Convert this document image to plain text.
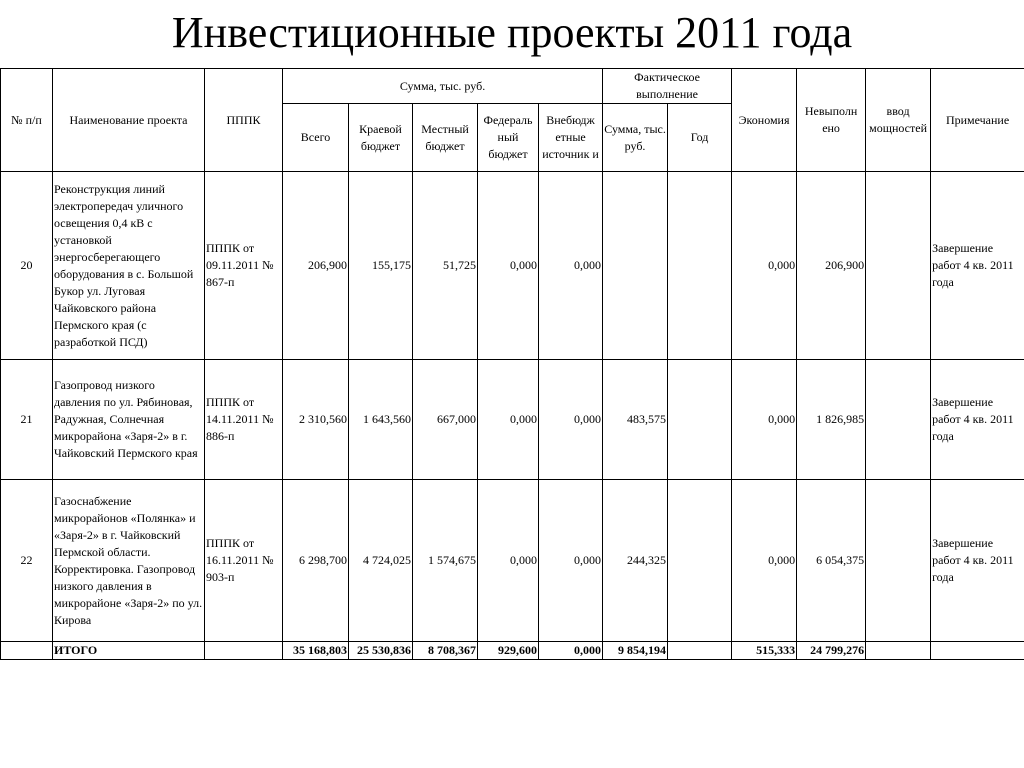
Инвестиционные проекты 2011 года
№ п/п	Наименование проекта	ПППК	Сумма, тыс. руб.					Фактическое выполнение		Экономия	Невыполн ено	ввод мощностей	Примечание
			Всего	Краевой бюджет	Местный бюджет	Федераль ный бюджет	Внебюдж етные источник и	Сумма, тыс. руб.	Год				
20	Реконструкция линий электропередач уличного освещения 0,4 кВ с установкой энергосберегающего оборудования в с. Большой Букор ул. Луговая Чайковского района Пермского края (с разработкой ПСД)	ПППК от 09.11.2011 № 867-п	206,900	155,175	51,725	0,000	0,000			0,000	206,900		Завершение работ 4 кв. 2011 года
21	Газопровод низкого давления по ул. Рябиновая, Радужная, Солнечная микрорайона «Заря-2» в г. Чайковский Пермского края	ПППК от 14.11.2011 № 886-п	2 310,560	1 643,560	667,000	0,000	0,000	483,575		0,000	1 826,985		Завершение работ 4 кв. 2011 года
22	Газоснабжение микрорайонов «Полянка» и «Заря-2» в г. Чайковский Пермской области. Корректировка. Газопровод низкого давления в микрорайоне «Заря-2» по ул. Кирова	ПППК от 16.11.2011 № 903-п	6 298,700	4 724,025	1 574,675	0,000	0,000	244,325		0,000	6 054,375		Завершение работ 4 кв. 2011 года
	ИТОГО		35 168,803	25 530,836	8 708,367	929,600	0,000	9 854,194		515,333	24 799,276		
